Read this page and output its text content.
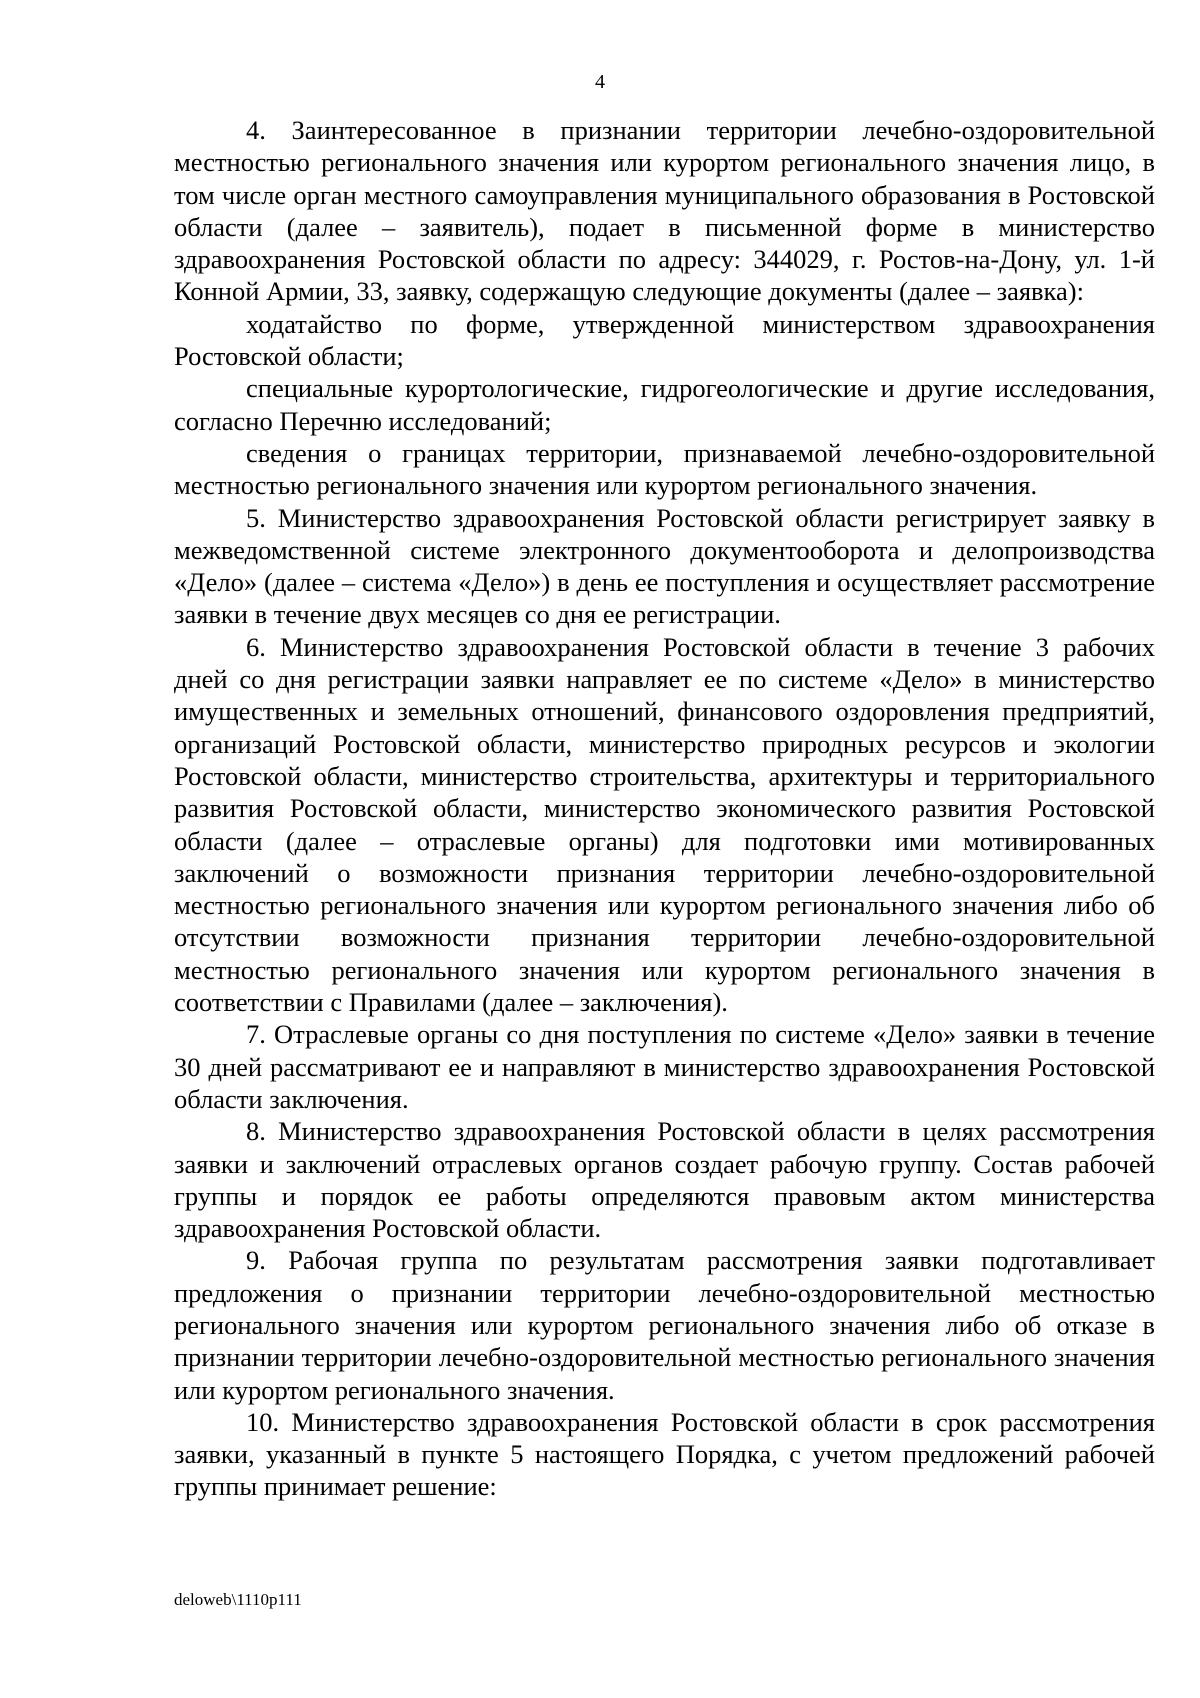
4

4. Заинтересованное в признании территории лечебно-оздоровительной местностью регионального значения или курортом регионального значения лицо, в том числе орган местного самоуправления муниципального образования в Ростовской области (далее – заявитель), подает в письменной форме в министерство здравоохранения Ростовской области по адресу: 344029, г. Ростов-на-Дону, ул. 1-й Конной Армии, 33, заявку, содержащую следующие документы (далее – заявка):

ходатайство по форме, утвержденной министерством здравоохранения Ростовской области;

специальные курортологические, гидрогеологические и другие исследования, согласно Перечню исследований;

сведения о границах территории, признаваемой лечебно-оздоровительной местностью регионального значения или курортом регионального значения.

5. Министерство здравоохранения Ростовской области регистрирует заявку в межведомственной системе электронного документооборота и делопроизводства «Дело» (далее – система «Дело») в день ее поступления и осуществляет рассмотрение заявки в течение двух месяцев со дня ее регистрации.

6. Министерство здравоохранения Ростовской области в течение 3 рабочих дней со дня регистрации заявки направляет ее по системе «Дело» в министерство имущественных и земельных отношений, финансового оздоровления предприятий, организаций Ростовской области, министерство природных ресурсов и экологии Ростовской области, министерство строительства, архитектуры и территориального развития Ростовской области, министерство экономического развития Ростовской области (далее – отраслевые органы) для подготовки ими мотивированных заключений о возможности признания территории лечебно-оздоровительной местностью регионального значения или курортом регионального значения либо об отсутствии возможности признания территории лечебно-оздоровительной местностью регионального значения или курортом регионального значения в соответствии с Правилами (далее – заключения).

7. Отраслевые органы со дня поступления по системе «Дело» заявки в течение 30 дней рассматривают ее и направляют в министерство здравоохранения Ростовской области заключения.

8. Министерство здравоохранения Ростовской области в целях рассмотрения заявки и заключений отраслевых органов создает рабочую группу. Состав рабочей группы и порядок ее работы определяются правовым актом министерства здравоохранения Ростовской области.

9. Рабочая группа по результатам рассмотрения заявки подготавливает предложения о признании территории лечебно-оздоровительной местностью регионального значения или курортом регионального значения либо об отказе в признании территории лечебно-оздоровительной местностью регионального значения или курортом регионального значения.

10. Министерство здравоохранения Ростовской области в срок рассмотрения заявки, указанный в пункте 5 настоящего Порядка, с учетом предложений рабочей группы принимает решение:

deloweb\1110p111
